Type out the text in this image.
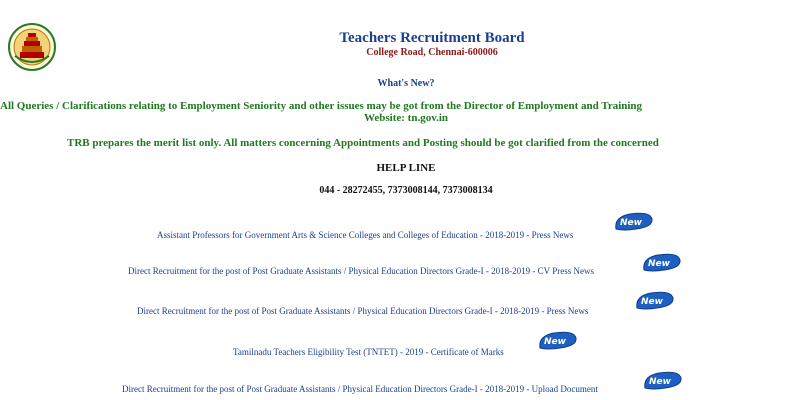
Teachers Recruitment Board
College Road, Chennai-600006
What's New?
All Queries / Clarifications relating to Employment Seniority and other issues may be got from the Director of Employment and Training
Website: tn.gov.in
TRB prepares the merit list only. All matters concerning Appointments and Posting should be got clarified from the concerned
HELP LINE
044 - 28272455, 7373008144, 7373008134
Assistant Professors for Government Arts & Science Colleges and Colleges of Education - 2018-2019 - Press News
Direct Recruitment for the post of Post Graduate Assistants / Physical Education Directors Grade-I - 2018-2019 - CV Press News
Direct Recruitment for the post of Post Graduate Assistants / Physical Education Directors Grade-I - 2018-2019 - Press News
Tamilnadu Teachers Eligibility Test (TNTET) - 2019 - Certificate of Marks
Direct Recruitment for the post of Post Graduate Assistants / Physical Education Directors Grade-I - 2018-2019 - Upload Document
New
New
New
New
New
